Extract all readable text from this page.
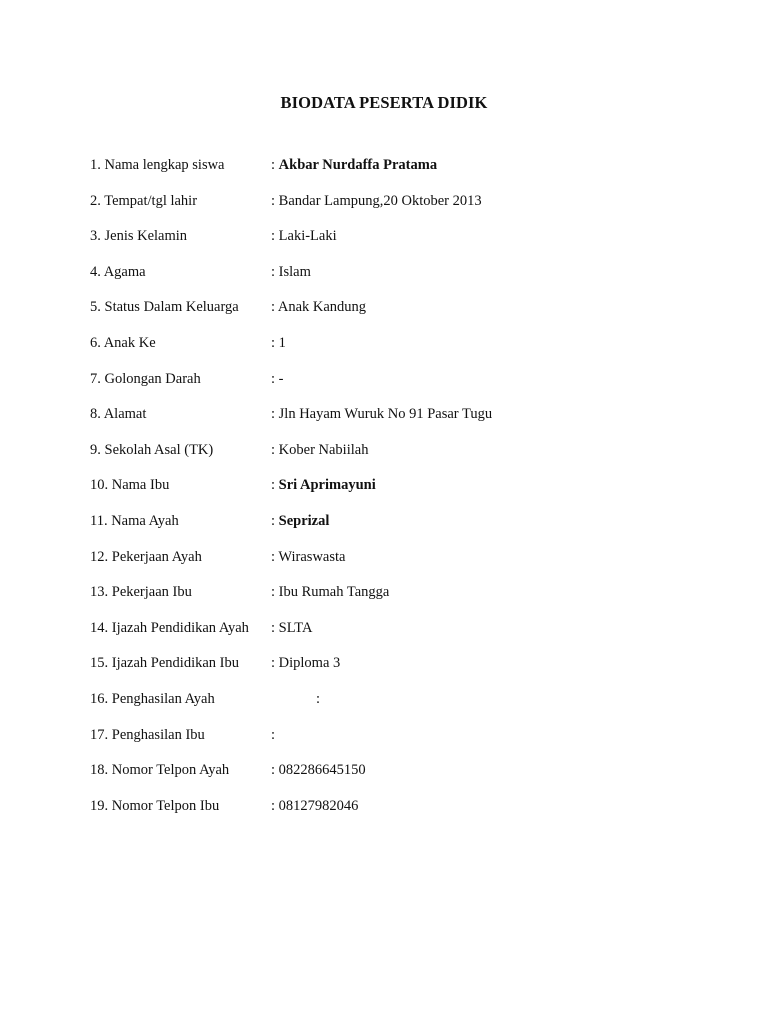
BIODATA PESERTA DIDIK
1. Nama lengkap siswa	: Akbar Nurdaffa Pratama
2. Tempat/tgl lahir	: Bandar Lampung,20 Oktober 2013
3. Jenis Kelamin	: Laki-Laki
4. Agama	: Islam
5. Status Dalam Keluarga : Anak Kandung
6. Anak Ke	: 1
7. Golongan Darah	: -
8. Alamat	: Jln Hayam Wuruk No 91 Pasar Tugu
9. Sekolah Asal (TK)	: Kober Nabiilah
10. Nama Ibu	: Sri Aprimayuni
11. Nama Ayah	: Seprizal
12. Pekerjaan Ayah	: Wiraswasta
13. Pekerjaan Ibu	: Ibu Rumah Tangga
14. Ijazah Pendidikan Ayah : SLTA
15. Ijazah Pendidikan Ibu : Diploma 3
16. Penghasilan Ayah	:
17. Penghasilan Ibu	:
18. Nomor Telpon Ayah	: 082286645150
19. Nomor Telpon Ibu	: 08127982046
